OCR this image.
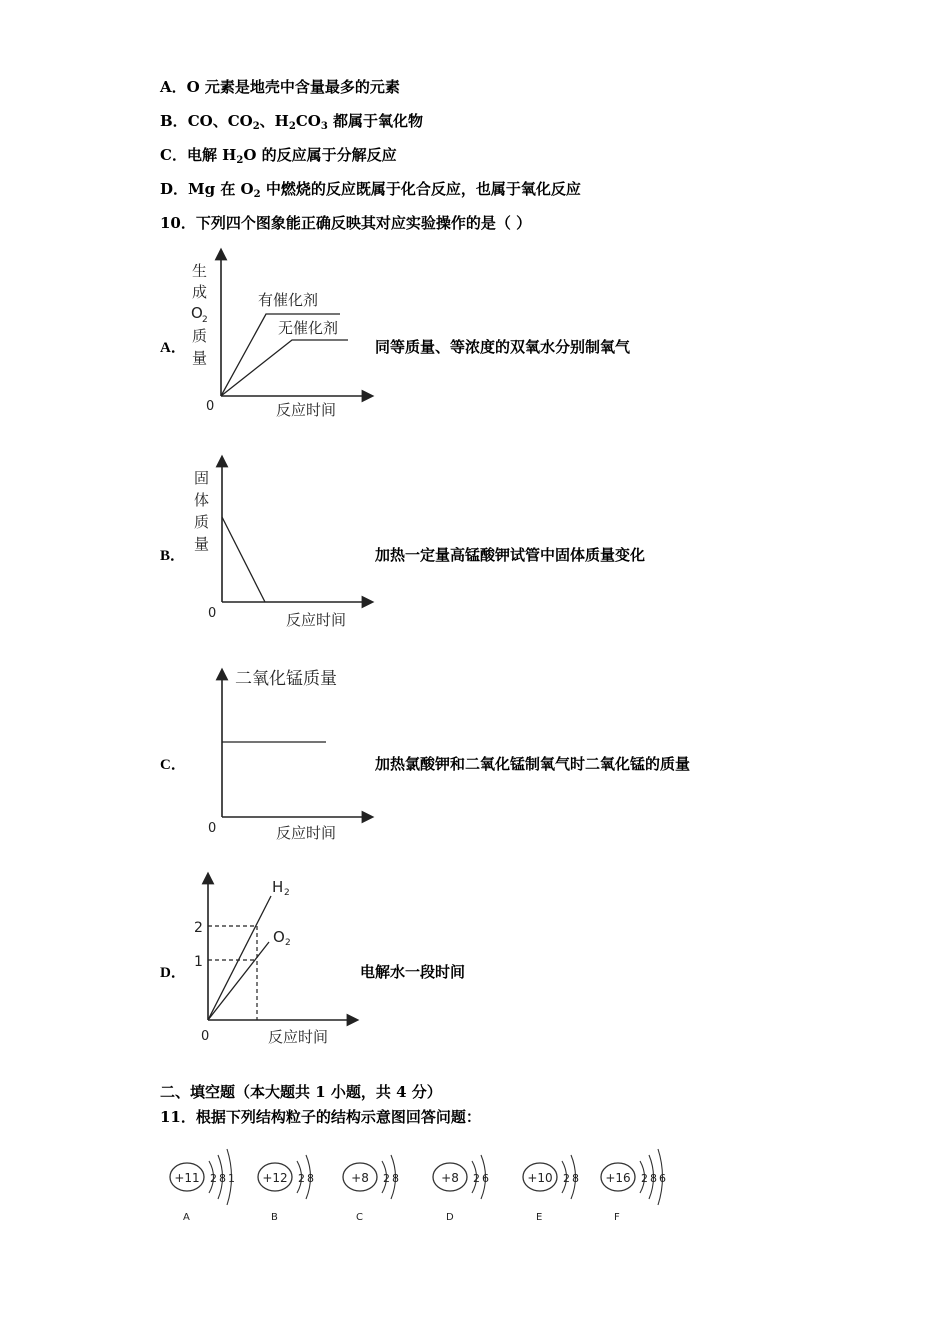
A．O 元素是地壳中含量最多的元素
B．CO、$CO_2$、$H_2CO_3$ 都属于氧化物
C．电解 $H_2O$ 的反应属于分解反应
D．Mg 在 $O_2$ 中燃烧的反应既属于化合反应，也属于氧化反应
10．下列四个图象能正确反映其对应实验操作的是（ ）
A．
生
成
O 2
质
量
0	反应时间
有催化剂
无催化剂
同等质量、等浓度的双氧水分别制氧气
B．
固
体
质
量
0	反应时间
加热一定量高锰酸钾试管中固体质量变化
C．
二氧化锰质量
0	反应时间
加热氯酸钾和二氧化锰制氧气时二氧化锰的质量
D．
2
1
H 2
O 2
0	反应时间
电解水一段时间
二、填空题（本大题共 1 小题，共 4 分）
11．根据下列结构粒子的结构示意图回答问题：
+11 2 8 1
A
+12 2 8
B
+8 2 8
C
+8 2 6
D
+10 2 8
E
+16 2 8 6
F
